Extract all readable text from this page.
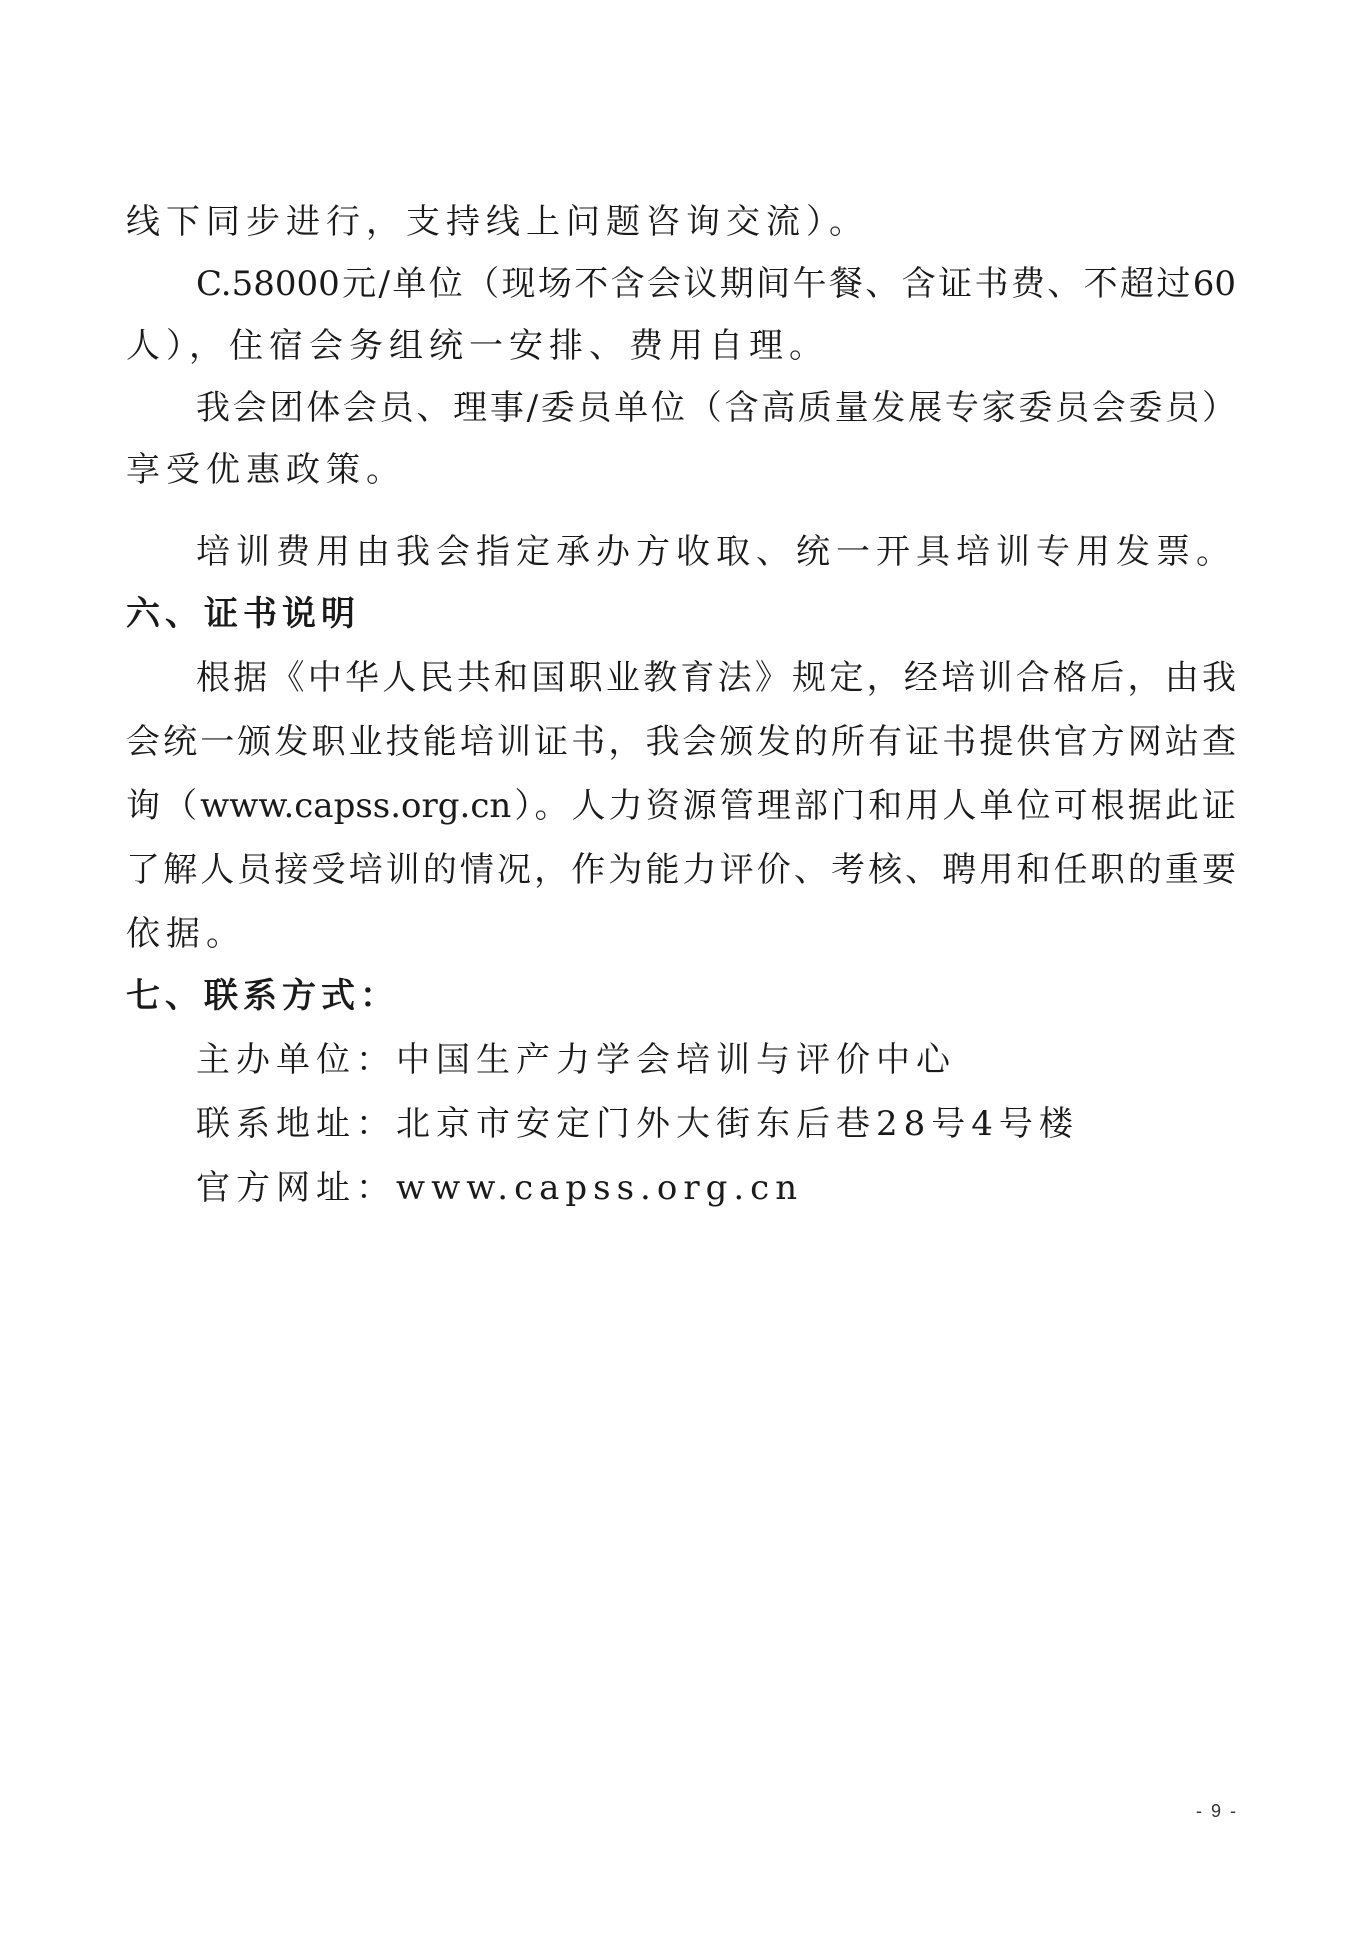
线下同步进行，支持线上问题咨询交流）。
C.58000元/单位（现场不含会议期间午餐、含证书费、不超过60
人），住宿会务组统一安排、费用自理。
我会团体会员、理事/委员单位（含高质量发展专家委员会委员）
享受优惠政策。
培训费用由我会指定承办方收取、统一开具培训专用发票。
六、证书说明
根据《中华人民共和国职业教育法》规定，经培训合格后，由我
会统一颁发职业技能培训证书，我会颁发的所有证书提供官方网站查
询（www.capss.org.cn）。人力资源管理部门和用人单位可根据此证
了解人员接受培训的情况，作为能力评价、考核、聘用和任职的重要
依据。
七、联系方式：
主办单位：中国生产力学会培训与评价中心
联系地址：北京市安定门外大街东后巷28号4号楼
官方网址：www.capss.org.cn
- 9 -
